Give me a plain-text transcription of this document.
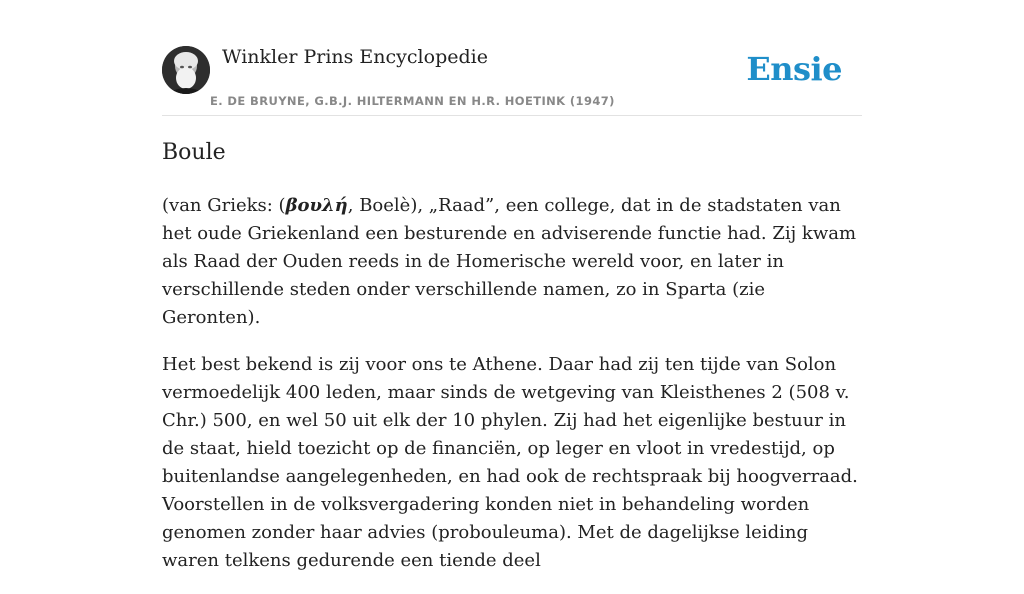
Winkler Prins Encyclopedie
E. DE BRUYNE, G.B.J. HILTERMANN EN H.R. HOETINK (1947)
Ensie
Boule

(van Grieks: (βουλή, Boelè), „Raad”, een college, dat in de stadstaten van het oude Griekenland een besturende en adviserende functie had. Zij kwam als Raad der Ouden reeds in de Homerische wereld voor, en later in verschillende steden onder verschillende namen, zo in Sparta (zie Geronten).

Het best bekend is zij voor ons te Athene. Daar had zij ten tijde van Solon vermoedelijk 400 leden, maar sinds de wetgeving van Kleisthenes 2 (508 v. Chr.) 500, en wel 50 uit elk der 10 phylen. Zij had het eigenlijke bestuur in de staat, hield toezicht op de financiën, op leger en vloot in vredestijd, op buitenlandse aangelegenheden, en had ook de rechtspraak bij hoogverraad. Voorstellen in de volksvergadering konden niet in behandeling worden genomen zonder haar advies (probouleuma). Met de dagelijkse leiding waren telkens gedurende een tiende deel
